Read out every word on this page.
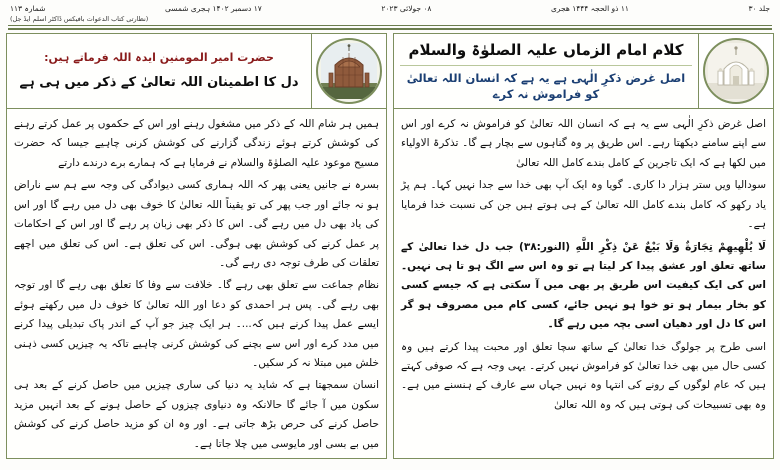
جلد ۳۰
۱۱ ذو الحجہ ۱۴۴۴ ھجری
۰۸ جولائی ۲۰۲۳
۱۷ دسمبر ۱۴۰۲ ہجری شمسی
شمارہ ۱۱۳
(نظارتی کتاب الدعوات بافیکس ڈاکٹر اسلم ایڈ جل)
کلام امام الزماں علیہ الصلوٰۃ والسلام
اصل غرض ذکرِ الٰہی ہے یہ ہے کہ انسان اللہ تعالیٰ کو فراموش نہ کرے

اصل غرض ذکرِ الٰہی سے یہ ہے کہ انسان اللہ تعالیٰ کو فراموش نہ کرے اور اس سے اپنے سامنے دیکھتا رہے۔ اس طریق پر وہ گناہوں سے بچار ہے گا۔ تذکرۃ الاولیاء میں لکھا ہے کہ ایک تاجرین کے کامل بندے کامل اللہ تعالیٰ

سودالیا ویں ستر ہزار دا کاری۔ گویا وہ ایک آپ بھی خدا سے جدا نہیں کہا۔ ہم پڑ یاد رکھو کہ کامل بندے کامل اللہ تعالیٰ کے ہی ہوتے ہیں جن کی نسبت خدا فرمایا ہے۔

لَا يُلْهِيهِمْ تِجَارَةٌ وَلَا بَيْعٌ عَنْ ذِكْرِ اللَّهِ (النور:۳۸) جب دل خدا تعالیٰ کے ساتھ تعلق اور عشق پیدا کر لیتا ہے تو وہ اس سے الگ ہو تا ہی نہیں۔ اس کی ایک کیفیت اس طریق پر بھی میں آ سکتی ہے کہ جیسے کسی کو بخار بیمار ہو تو خوا ہو نہیں جائے، کسی کام میں مصروف ہو گر اس کا دل اور دھیان اسی بچہ میں رہے گا۔

اسی طرح پر جولوگ خدا تعالیٰ کے ساتھ سچا تعلق اور محبت پیدا کرتے ہیں وہ کسی حال میں بھی خدا تعالیٰ کو فراموش نہیں کرتے۔ یہی وجہ ہے کہ صوفی کہتے ہیں کہ عام لوگوں کے رونے کی انتہا وہ نہیں جہاں سے عارف کے ہنسنے میں ہے۔ وہ بھی تسبیحات کی ہوتی ہیں کہ وہ اللہ تعالیٰ

حضرت امیر المومنین ایدہ اللہ فرماتے ہیں:
دل کا اطمینان اللہ تعالیٰ کے ذکر میں ہی ہے

ہمیں ہر شام اللہ کے ذکر میں مشغول رہنے اور اس کے حکموں پر عمل کرتے رہنے کی کوشش کرتے ہوئے زندگی گزارنے کی کوشش کرنی چاہیے جیسا کہ حضرت مسیح موعود علیہ الصلوٰۃ والسلام نے فرمایا ہے کہ ہمارے برے درندے دارتے

بسرہ نے جانیں یعنی پھر کہ اللہ ہماری کسی دیوادگی کی وجہ سے ہم سے ناراض ہو نہ جائے اور جب پھر کی تو یقیناً اللہ تعالیٰ کا خوف بھی دل میں رہے گا اور اس کی یاد بھی دل میں رہے گی۔ اس کا ذکر بھی زبان پر رہے گا اور اس کے احکامات پر عمل کرنے کی کوشش بھی ہوگی۔ اس کی تعلق ہے۔ اس کی تعلق میں اچھے تعلقات کی طرف توجہ دی رہے گی۔

نظام جماعت سے تعلق بھی رہے گا۔ خلافت سے وفا کا تعلق بھی رہے گا اور توجہ بھی رہے گی۔ پس ہر احمدی کو دعا اور اللہ تعالیٰ کا خوف دل میں رکھتے ہوئے ایسے عمل پیدا کرنے ہیں کہ...۔ ہر ایک چیز جو آپ کے اندر پاک تبدیلی پیدا کرنے میں مدد کرے اور اس سے بچنے کی کوشش کرنی چاہیے تاکہ یہ چیزیں کسی ذہنی خلش میں مبتلا نہ کر سکیں۔

انسان سمجھتا ہے کہ شاید یہ دنیا کی ساری چیزیں میں حاصل کرنے کے بعد ہی سکون میں آ جائے گا حالانکہ وہ دنیاوی چیزوں کے حاصل ہونے کے بعد انہیں مزید حاصل کرنے کی حرص بڑھ جاتی ہے۔ اور وہ ان کو مزید حاصل کرنے کی کوشش میں بے بسی اور مایوسی میں چلا جاتا ہے۔
